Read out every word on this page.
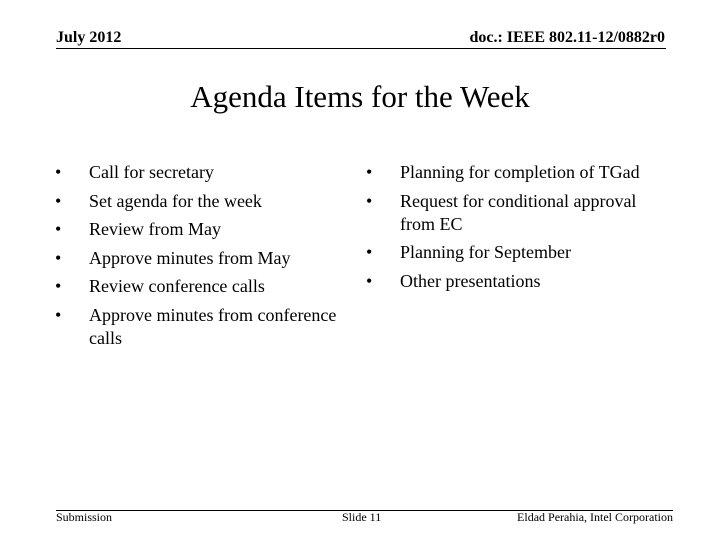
July 2012	doc.: IEEE 802.11-12/0882r0
Agenda Items for the Week
• Call for secretary
• Set agenda for the week
• Review from May
• Approve minutes from May
• Review conference calls
• Approve minutes from conference calls
• Planning for completion of TGad
• Request for conditional approval from EC
• Planning for September
• Other presentations
Submission	Slide 11	Eldad Perahia, Intel Corporation
